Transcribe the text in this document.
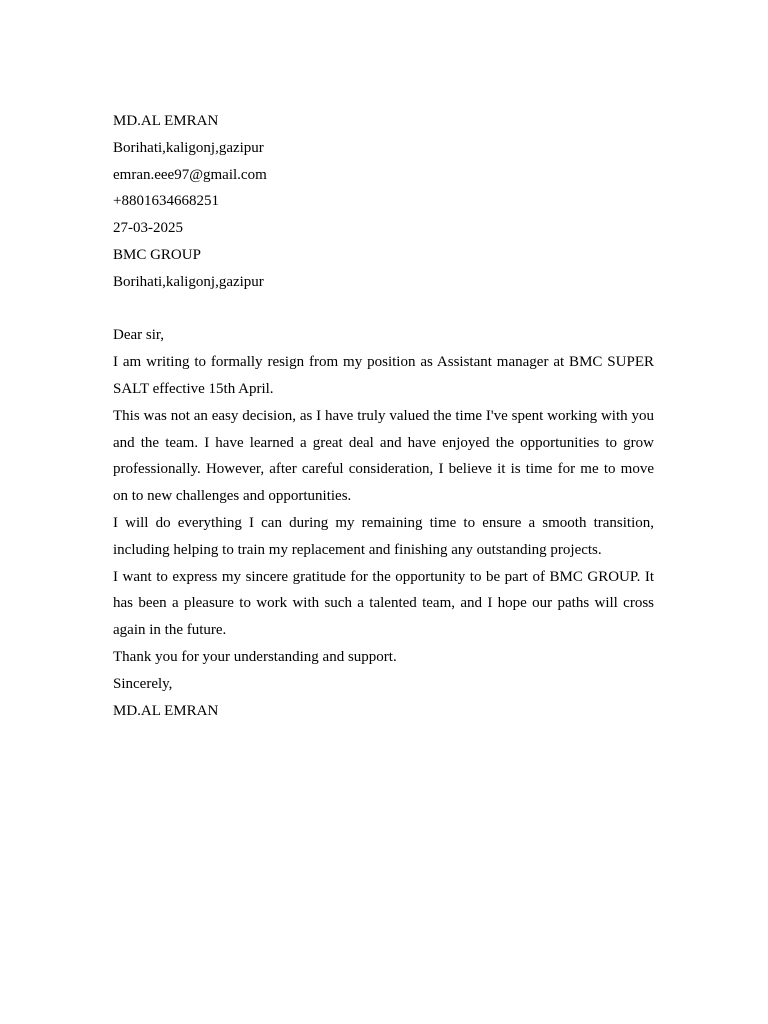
MD.AL EMRAN

Borihati,kaligonj,gazipur

emran.eee97@gmail.com

+8801634668251

27-03-2025

BMC GROUP

Borihati,kaligonj,gazipur

Dear sir,

I am writing to formally resign from my position as Assistant manager at BMC SUPER SALT effective 15th April.

This was not an easy decision, as I have truly valued the time I've spent working with you and the team. I have learned a great deal and have enjoyed the opportunities to grow professionally. However, after careful consideration, I believe it is time for me to move on to new challenges and opportunities.

I will do everything I can during my remaining time to ensure a smooth transition, including helping to train my replacement and finishing any outstanding projects.

I want to express my sincere gratitude for the opportunity to be part of BMC GROUP. It has been a pleasure to work with such a talented team, and I hope our paths will cross again in the future.

Thank you for your understanding and support.

Sincerely,

MD.AL EMRAN
